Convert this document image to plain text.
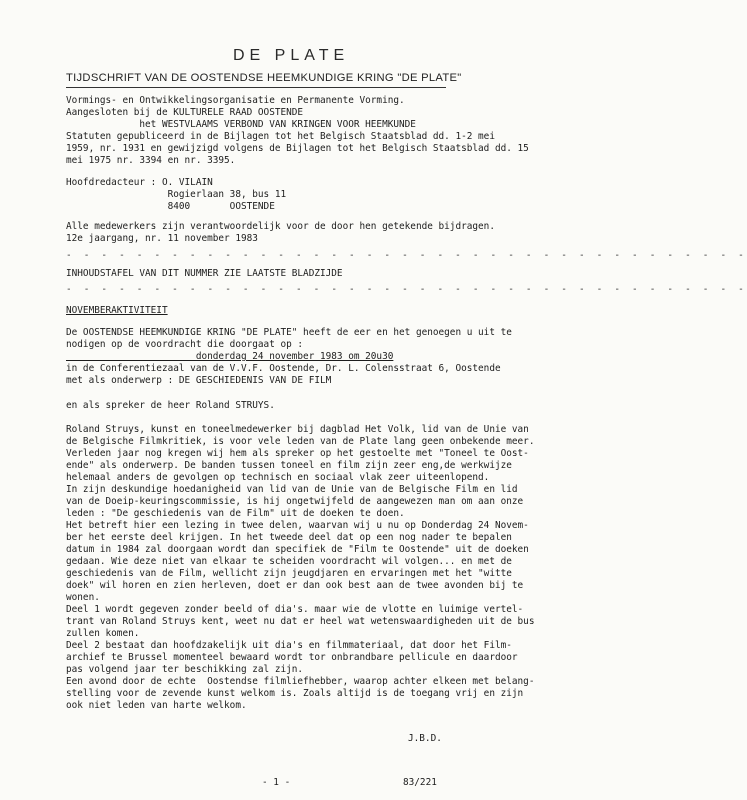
DE PLATE
TIJDSCHRIFT VAN DE OOSTENDSE HEEMKUNDIGE KRING "DE PLATE"
Vormings- en Ontwikkelingsorganisatie en Permanente Vorming.
Aangesloten bij de KULTURELE RAAD OOSTENDE
het WESTVLAAMS VERBOND VAN KRINGEN VOOR HEEMKUNDE
Statuten gepubliceerd in de Bijlagen tot het Belgisch Staatsblad dd. 1-2 mei
1959, nr. 1931 en gewijzigd volgens de Bijlagen tot het Belgisch Staatsblad dd. 15
mei 1975 nr. 3394 en nr. 3395.
Hoofdredacteur : O. VILAIN
Rogierlaan 38, bus 11
8400       OOSTENDE
Alle medewerkers zijn verantwoordelijk voor de door hen getekende bijdragen.
12e jaargang, nr. 11 november 1983
- - - - - - - - - - - - - - - - - - - - - - - - - - - - - - - - - - - - - - -
INHOUDSTAFEL VAN DIT NUMMER ZIE LAATSTE BLADZIJDE
- - - - - - - - - - - - - - - - - - - - - - - - - - - - - - - - - - - - - - -
NOVEMBERAKTIVITEIT
De OOSTENDSE HEEMKUNDIGE KRING "DE PLATE" heeft de eer en het genoegen u uit te
nodigen op de voordracht die doorgaat op :
donderdag 24 november 1983 om 20u30
in de Conferentiezaal van de V.V.F. Oostende, Dr. L. Colensstraat 6, Oostende
met als onderwerp : DE GESCHIEDENIS VAN DE FILM
en als spreker de heer Roland STRUYS.
Roland Struys, kunst en toneelmedewerker bij dagblad Het Volk, lid van de Unie van
de Belgische Filmkritiek, is voor vele leden van de Plate lang geen onbekende meer.
Verleden jaar nog kregen wij hem als spreker op het gestoelte met "Toneel te Oost-
ende" als onderwerp. De banden tussen toneel en film zijn zeer eng,de werkwijze
helemaal anders de gevolgen op technisch en sociaal vlak zeer uiteenlopend.
In zijn deskundige hoedanigheid van lid van de Unie van de Belgische Film en lid
van de Doeip-keuringscommissie, is hij ongetwijfeld de aangewezen man om aan onze
leden : "De geschiedenis van de Film" uit de doeken te doen.
Het betreft hier een lezing in twee delen, waarvan wij u nu op Donderdag 24 Novem-
ber het eerste deel krijgen. In het tweede deel dat op een nog nader te bepalen
datum in 1984 zal doorgaan wordt dan specifiek de "Film te Oostende" uit de doeken
gedaan. Wie deze niet van elkaar te scheiden voordracht wil volgen... en met de
geschiedenis van de Film, wellicht zijn jeugdjaren en ervaringen met het "witte
doek" wil horen en zien herleven, doet er dan ook best aan de twee avonden bij te
wonen.
Deel 1 wordt gegeven zonder beeld of dia's. maar wie de vlotte en luimige vertel-
trant van Roland Struys kent, weet nu dat er heel wat wetenswaardigheden uit de bus
zullen komen.
Deel 2 bestaat dan hoofdzakelijk uit dia's en filmmateriaal, dat door het Film-
archief te Brussel momenteel bewaard wordt tor onbrandbare pellicule en daardoor
pas volgend jaar ter beschikking zal zijn.
Een avond door de echte  Oostendse filmliefhebber, waarop achter elkeen met belang-
stelling voor de zevende kunst welkom is. Zoals altijd is de toegang vrij en zijn
ook niet leden van harte welkom.
J.B.D.
- 1 -	83/221
